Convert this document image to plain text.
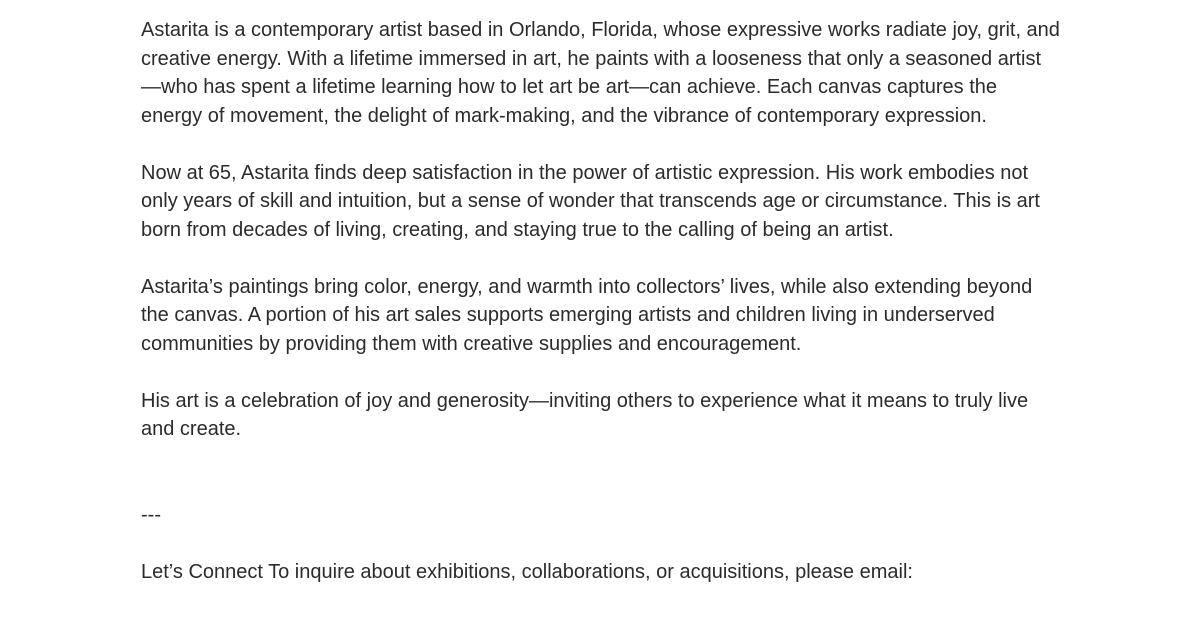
Astarita is a contemporary artist based in Orlando, Florida, whose expressive works radiate joy, grit, and creative energy. With a lifetime immersed in art, he paints with a looseness that only a seasoned artist—who has spent a lifetime learning how to let art be art—can achieve. Each canvas captures the energy of movement, the delight of mark-making, and the vibrance of contemporary expression.

Now at 65, Astarita finds deep satisfaction in the power of artistic expression. His work embodies not only years of skill and intuition, but a sense of wonder that transcends age or circumstance. This is art born from decades of living, creating, and staying true to the calling of being an artist.

Astarita’s paintings bring color, energy, and warmth into collectors’ lives, while also extending beyond the canvas. A portion of his art sales supports emerging artists and children living in underserved communities by providing them with creative supplies and encouragement.

His art is a celebration of joy and generosity—inviting others to experience what it means to truly live and create.

---

Let’s Connect To inquire about exhibitions, collaborations, or acquisitions, please email:
